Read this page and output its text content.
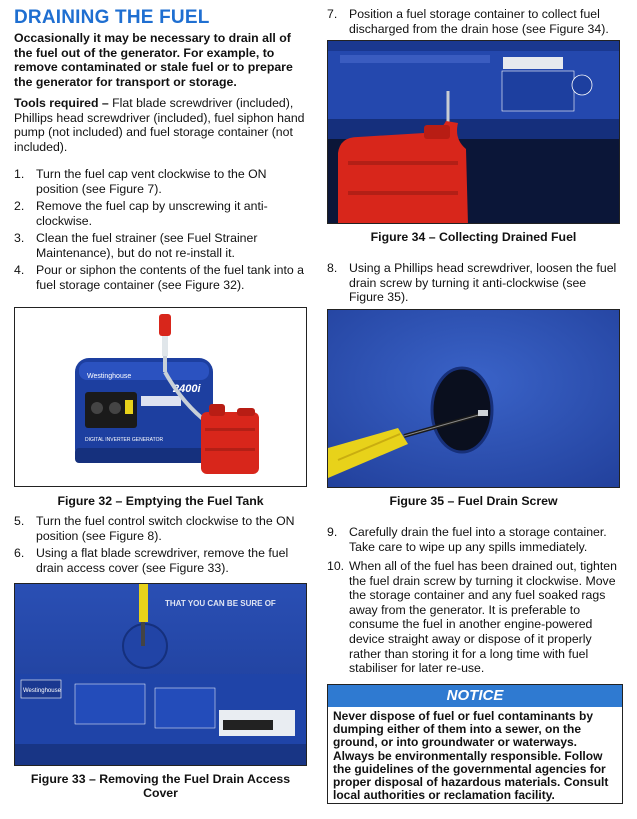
DRAINING THE FUEL
Occasionally it may be necessary to drain all of the fuel out of the generator. For example, to remove contaminated or stale fuel or to prepare the generator for transport or storage.
Tools required – Flat blade screwdriver (included), Phillips head screwdriver (included), fuel siphon hand pump (not included) and fuel storage container (not included).
1. Turn the fuel cap vent clockwise to the ON position (see Figure 7).
2. Remove the fuel cap by unscrewing it anti-clockwise.
3. Clean the fuel strainer (see Fuel Strainer Maintenance), but do not re-install it.
4. Pour or siphon the contents of the fuel tank into a fuel storage container (see Figure 32).
Westinghouse
2400i
DIGITAL INVERTER GENERATOR
Figure 32 – Emptying the Fuel Tank
5. Turn the fuel control switch clockwise to the ON position (see Figure 8).
6. Using a flat blade screwdriver, remove the fuel drain access cover (see Figure 33).
THAT YOU CAN BE SURE OF
Westinghouse
Figure 33 – Removing the Fuel Drain Access Cover
7. Position a fuel storage container to collect fuel discharged from the drain hose (see Figure 34).
Figure 34 – Collecting Drained Fuel
8. Using a Phillips head screwdriver, loosen the fuel drain screw by turning it anti-clockwise (see Figure 35).
Figure 35 – Fuel Drain Screw
9. Carefully drain the fuel into a storage container. Take care to wipe up any spills immediately.
10. When all of the fuel has been drained out, tighten the fuel drain screw by turning it clockwise. Move the storage container and any fuel soaked rags away from the generator. It is preferable to consume the fuel in another engine-powered device straight away or dispose of it properly rather than storing it for a long time with fuel stabiliser for later re-use.
NOTICE
Never dispose of fuel or fuel contaminants by dumping either of them into a sewer, on the ground, or into groundwater or waterways. Always be environmentally responsible. Follow the guidelines of the governmental agencies for proper disposal of hazardous materials. Consult local authorities or reclamation facility.
